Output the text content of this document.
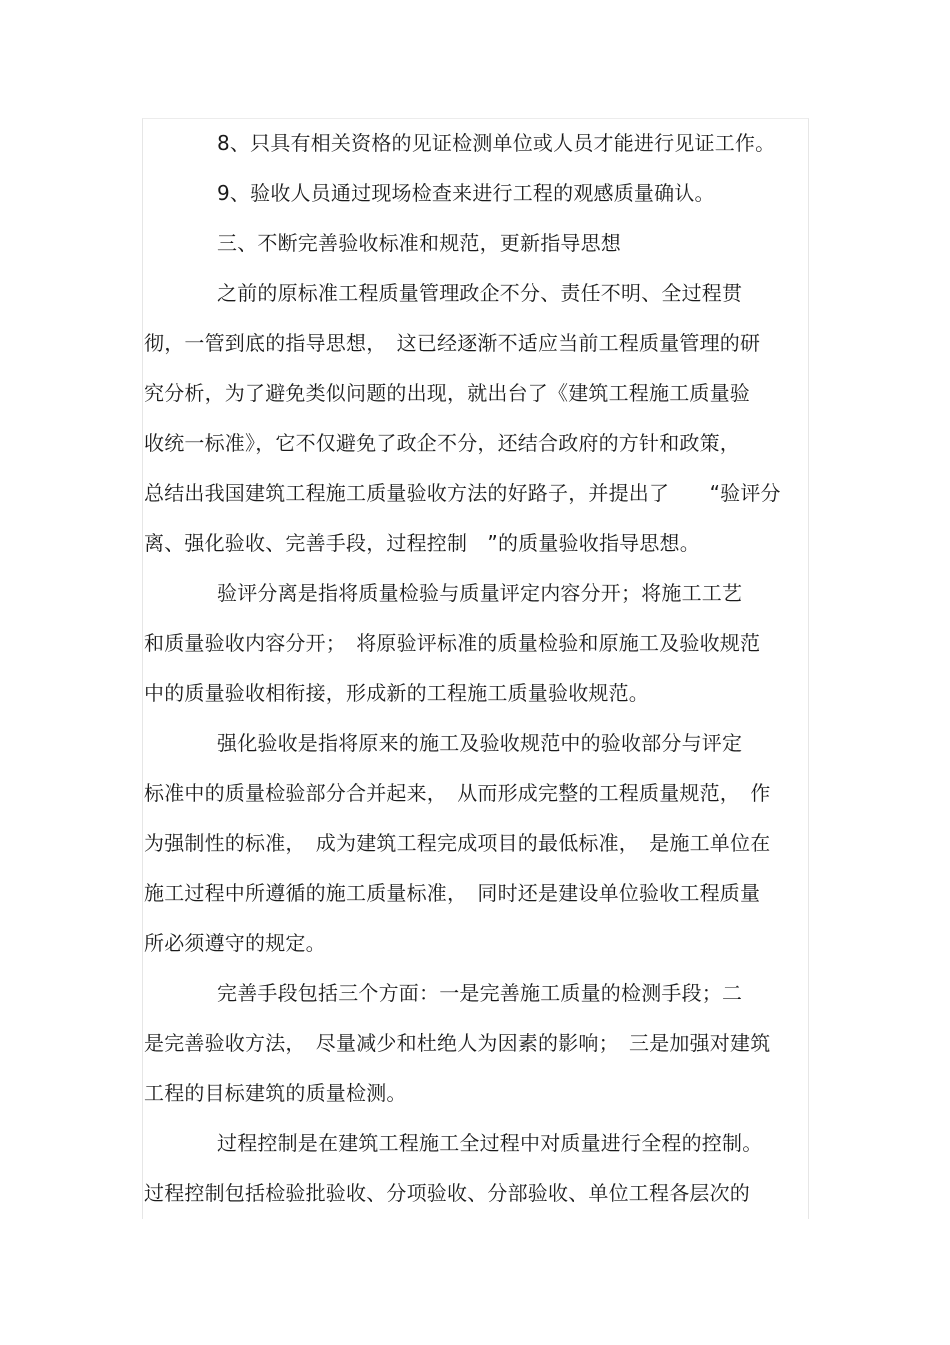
8、只具有相关资格的见证检测单位或人员才能进行见证工作。
9、验收人员通过现场检查来进行工程的观感质量确认。
三、不断完善验收标准和规范，更新指导思想
之前的原标准工程质量管理政企不分、责任不明、全过程贯
彻，一管到底的指导思想，　这已经逐渐不适应当前工程质量管理的研
究分析，为了避免类似问题的出现，就出台了《建筑工程施工质量验
收统一标准》，它不仅避免了政企不分，还结合政府的方针和政策，
总结出我国建筑工程施工质量验收方法的好路子，并提出了　　“验评分
离、强化验收、完善手段，过程控制　”的质量验收指导思想。
验评分离是指将质量检验与质量评定内容分开；将施工工艺
和质量验收内容分开；　将原验评标准的质量检验和原施工及验收规范
中的质量验收相衔接，形成新的工程施工质量验收规范。
强化验收是指将原来的施工及验收规范中的验收部分与评定
标准中的质量检验部分合并起来，　从而形成完整的工程质量规范，　作
为强制性的标准，　成为建筑工程完成项目的最低标准，　是施工单位在
施工过程中所遵循的施工质量标准，　同时还是建设单位验收工程质量
所必须遵守的规定。
完善手段包括三个方面：一是完善施工质量的检测手段；二
是完善验收方法，　尽量减少和杜绝人为因素的影响；　三是加强对建筑
工程的目标建筑的质量检测。
过程控制是在建筑工程施工全过程中对质量进行全程的控制。
过程控制包括检验批验收、分项验收、分部验收、单位工程各层次的
